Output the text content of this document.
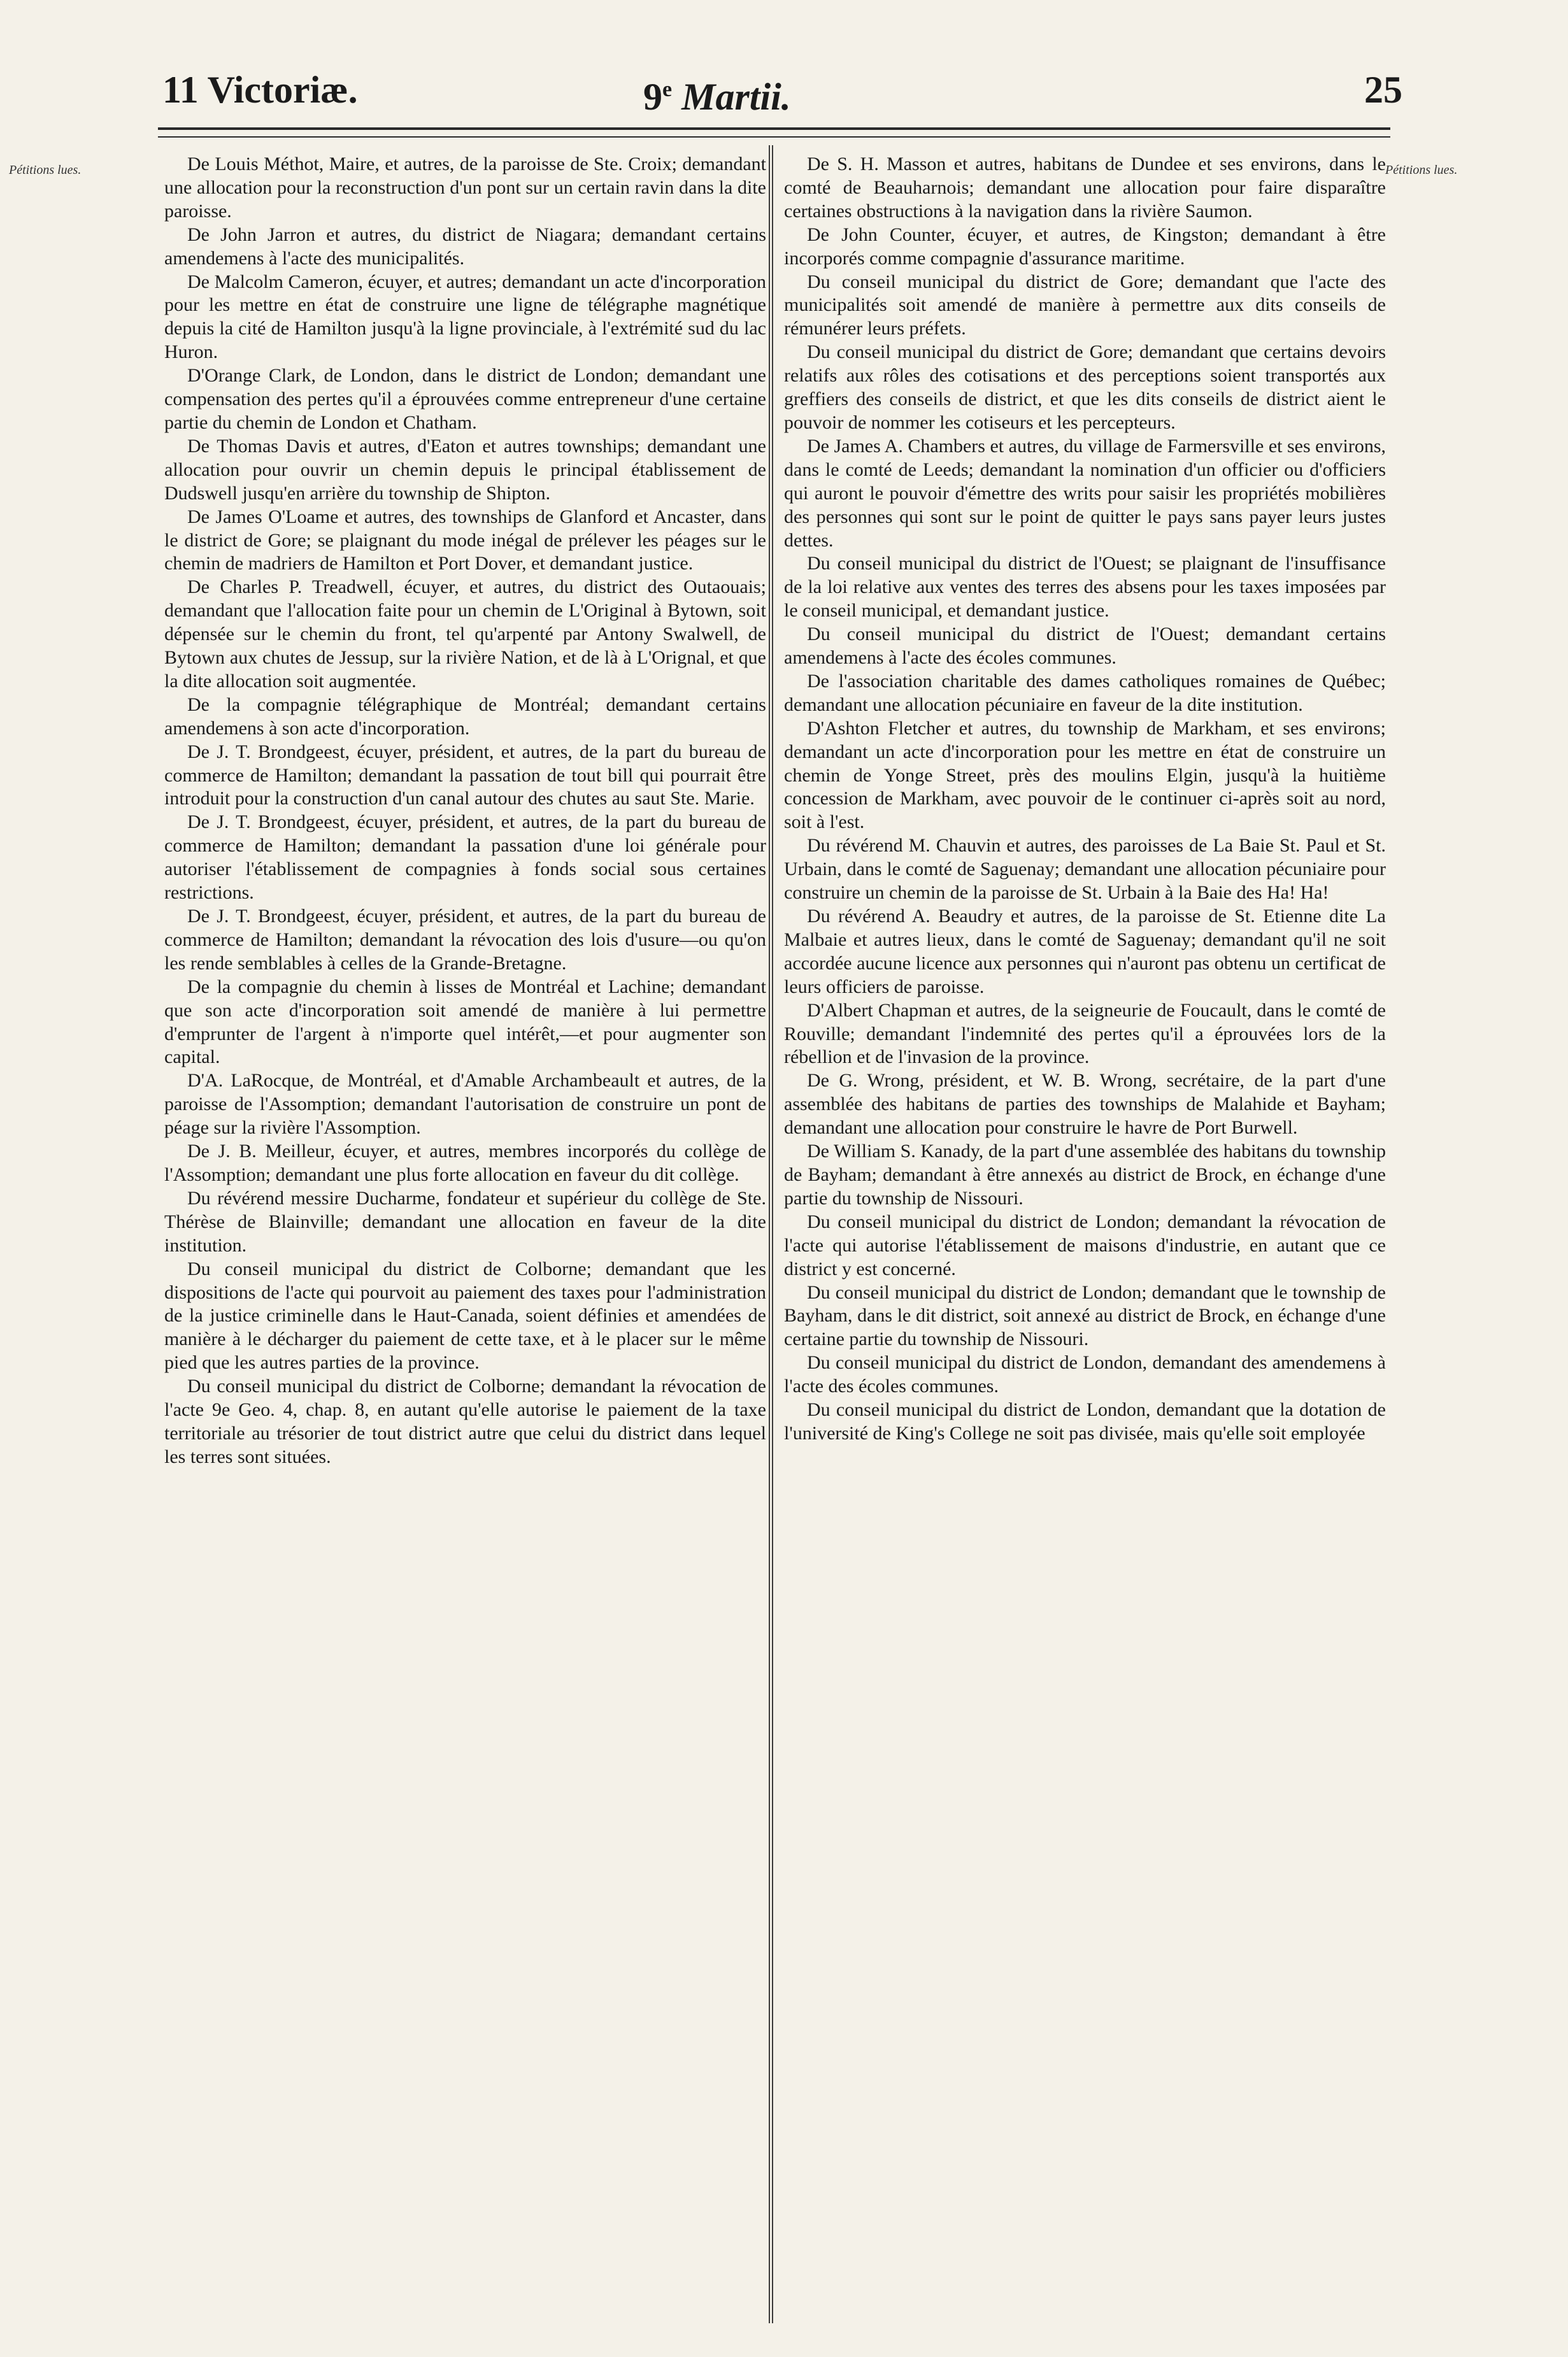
11 Victoriæ.	9e Martii.	25
Pétitions lues.	Pétitions lues.

De Louis Méthot, Maire, et autres, de la paroisse de Ste. Croix; demandant une allocation pour la reconstruction d'un pont sur un certain ravin dans la dite paroisse.

De John Jarron et autres, du district de Niagara; demandant certains amendemens à l'acte des municipalités.

De Malcolm Cameron, écuyer, et autres; demandant un acte d'incorporation pour les mettre en état de construire une ligne de télégraphe magnétique depuis la cité de Hamilton jusqu'à la ligne provinciale, à l'extrémité sud du lac Huron.

D'Orange Clark, de London, dans le district de London; demandant une compensation des pertes qu'il a éprouvées comme entrepreneur d'une certaine partie du chemin de London et Chatham.

De Thomas Davis et autres, d'Eaton et autres townships; demandant une allocation pour ouvrir un chemin depuis le principal établissement de Dudswell jusqu'en arrière du township de Shipton.

De James O'Loame et autres, des townships de Glanford et Ancaster, dans le district de Gore; se plaignant du mode inégal de prélever les péages sur le chemin de madriers de Hamilton et Port Dover, et demandant justice.

De Charles P. Treadwell, écuyer, et autres, du district des Outaouais; demandant que l'allocation faite pour un chemin de L'Original à Bytown, soit dépensée sur le chemin du front, tel qu'arpenté par Antony Swalwell, de Bytown aux chutes de Jessup, sur la rivière Nation, et de là à L'Orignal, et que la dite allocation soit augmentée.

De la compagnie télégraphique de Montréal; demandant certains amendemens à son acte d'incorporation.

De J. T. Brondgeest, écuyer, président, et autres, de la part du bureau de commerce de Hamilton; demandant la passation de tout bill qui pourrait être introduit pour la construction d'un canal autour des chutes au saut Ste. Marie.

De J. T. Brondgeest, écuyer, président, et autres, de la part du bureau de commerce de Hamilton; demandant la passation d'une loi générale pour autoriser l'établissement de compagnies à fonds social sous certaines restrictions.

De J. T. Brondgeest, écuyer, président, et autres, de la part du bureau de commerce de Hamilton; demandant la révocation des lois d'usure—ou qu'on les rende semblables à celles de la Grande-Bretagne.

De la compagnie du chemin à lisses de Montréal et Lachine; demandant que son acte d'incorporation soit amendé de manière à lui permettre d'emprunter de l'argent à n'importe quel intérêt,—et pour augmenter son capital.

D'A. LaRocque, de Montréal, et d'Amable Archambeault et autres, de la paroisse de l'Assomption; demandant l'autorisation de construire un pont de péage sur la rivière l'Assomption.

De J. B. Meilleur, écuyer, et autres, membres incorporés du collège de l'Assomption; demandant une plus forte allocation en faveur du dit collège.

Du révérend messire Ducharme, fondateur et supérieur du collège de Ste. Thérèse de Blainville; demandant une allocation en faveur de la dite institution.

Du conseil municipal du district de Colborne; demandant que les dispositions de l'acte qui pourvoit au paiement des taxes pour l'administration de la justice criminelle dans le Haut-Canada, soient définies et amendées de manière à le décharger du paiement de cette taxe, et à le placer sur le même pied que les autres parties de la province.

Du conseil municipal du district de Colborne; demandant la révocation de l'acte 9e Geo. 4, chap. 8, en autant qu'elle autorise le paiement de la taxe territoriale au trésorier de tout district autre que celui du district dans lequel les terres sont situées.

De S. H. Masson et autres, habitans de Dundee et ses environs, dans le comté de Beauharnois; demandant une allocation pour faire disparaître certaines obstructions à la navigation dans la rivière Saumon.

De John Counter, écuyer, et autres, de Kingston; demandant à être incorporés comme compagnie d'assurance maritime.

Du conseil municipal du district de Gore; demandant que l'acte des municipalités soit amendé de manière à permettre aux dits conseils de rémunérer leurs préfets.

Du conseil municipal du district de Gore; demandant que certains devoirs relatifs aux rôles des cotisations et des perceptions soient transportés aux greffiers des conseils de district, et que les dits conseils de district aient le pouvoir de nommer les cotiseurs et les percepteurs.

De James A. Chambers et autres, du village de Farmersville et ses environs, dans le comté de Leeds; demandant la nomination d'un officier ou d'officiers qui auront le pouvoir d'émettre des writs pour saisir les propriétés mobilières des personnes qui sont sur le point de quitter le pays sans payer leurs justes dettes.

Du conseil municipal du district de l'Ouest; se plaignant de l'insuffisance de la loi relative aux ventes des terres des absens pour les taxes imposées par le conseil municipal, et demandant justice.

Du conseil municipal du district de l'Ouest; demandant certains amendemens à l'acte des écoles communes.

De l'association charitable des dames catholiques romaines de Québec; demandant une allocation pécuniaire en faveur de la dite institution.

D'Ashton Fletcher et autres, du township de Markham, et ses environs; demandant un acte d'incorporation pour les mettre en état de construire un chemin de Yonge Street, près des moulins Elgin, jusqu'à la huitième concession de Markham, avec pouvoir de le continuer ci-après soit au nord, soit à l'est.

Du révérend M. Chauvin et autres, des paroisses de La Baie St. Paul et St. Urbain, dans le comté de Saguenay; demandant une allocation pécuniaire pour construire un chemin de la paroisse de St. Urbain à la Baie des Ha! Ha!

Du révérend A. Beaudry et autres, de la paroisse de St. Etienne dite La Malbaie et autres lieux, dans le comté de Saguenay; demandant qu'il ne soit accordée aucune licence aux personnes qui n'auront pas obtenu un certificat de leurs officiers de paroisse.

D'Albert Chapman et autres, de la seigneurie de Foucault, dans le comté de Rouville; demandant l'indemnité des pertes qu'il a éprouvées lors de la rébellion et de l'invasion de la province.

De G. Wrong, président, et W. B. Wrong, secrétaire, de la part d'une assemblée des habitans de parties des townships de Malahide et Bayham; demandant une allocation pour construire le havre de Port Burwell.

De William S. Kanady, de la part d'une assemblée des habitans du township de Bayham; demandant à être annexés au district de Brock, en échange d'une partie du township de Nissouri.

Du conseil municipal du district de London; demandant la révocation de l'acte qui autorise l'établissement de maisons d'industrie, en autant que ce district y est concerné.

Du conseil municipal du district de London; demandant que le township de Bayham, dans le dit district, soit annexé au district de Brock, en échange d'une certaine partie du township de Nissouri.

Du conseil municipal du district de London, demandant des amendemens à l'acte des écoles communes.

Du conseil municipal du district de London, demandant que la dotation de l'université de King's College ne soit pas divisée, mais qu'elle soit employée
